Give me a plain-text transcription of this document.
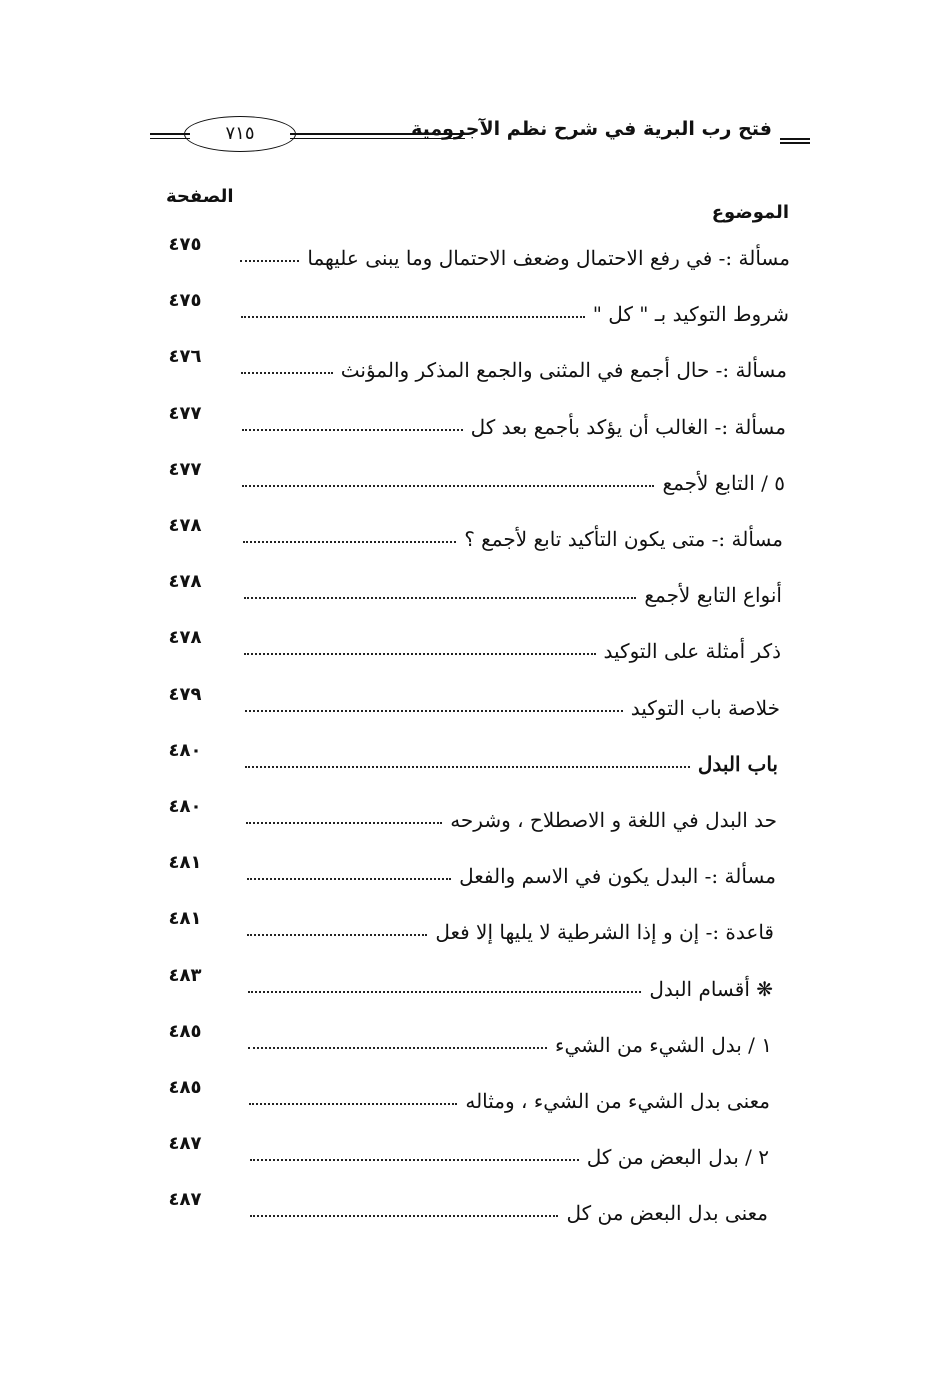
فتح رب البرية في شرح نظم الآجرومية
٧١٥
الصفحة
الموضوع
٤٧٥
مسألة :- في رفع الاحتمال وضعف الاحتمال وما يبنى عليهما
٤٧٥
شروط التوكيد بـ " كل "
٤٧٦
مسألة :- حال أجمع في المثنى والجمع المذكر والمؤنث
٤٧٧
مسألة :- الغالب أن يؤكد بأجمع بعد كل
٤٧٧
٥ / التابع لأجمع
٤٧٨
مسألة :- متى يكون التأكيد تابع لأجمع ؟
٤٧٨
أنواع التابع لأجمع
٤٧٨
ذكر أمثلة على التوكيد
٤٧٩
خلاصة باب التوكيد
٤٨٠
باب البدل
٤٨٠
حد البدل في اللغة و الاصطلاح ، وشرحه
٤٨١
مسألة :- البدل يكون في الاسم والفعل
٤٨١
قاعدة :- إن و إذا الشرطية لا يليها إلا فعل
٤٨٣
❋ أقسام البدل
٤٨٥
١ / بدل الشيء من الشيء
٤٨٥
معنى بدل الشيء من الشيء ، ومثاله
٤٨٧
٢ / بدل البعض من كل
٤٨٧
معنى بدل البعض من كل
